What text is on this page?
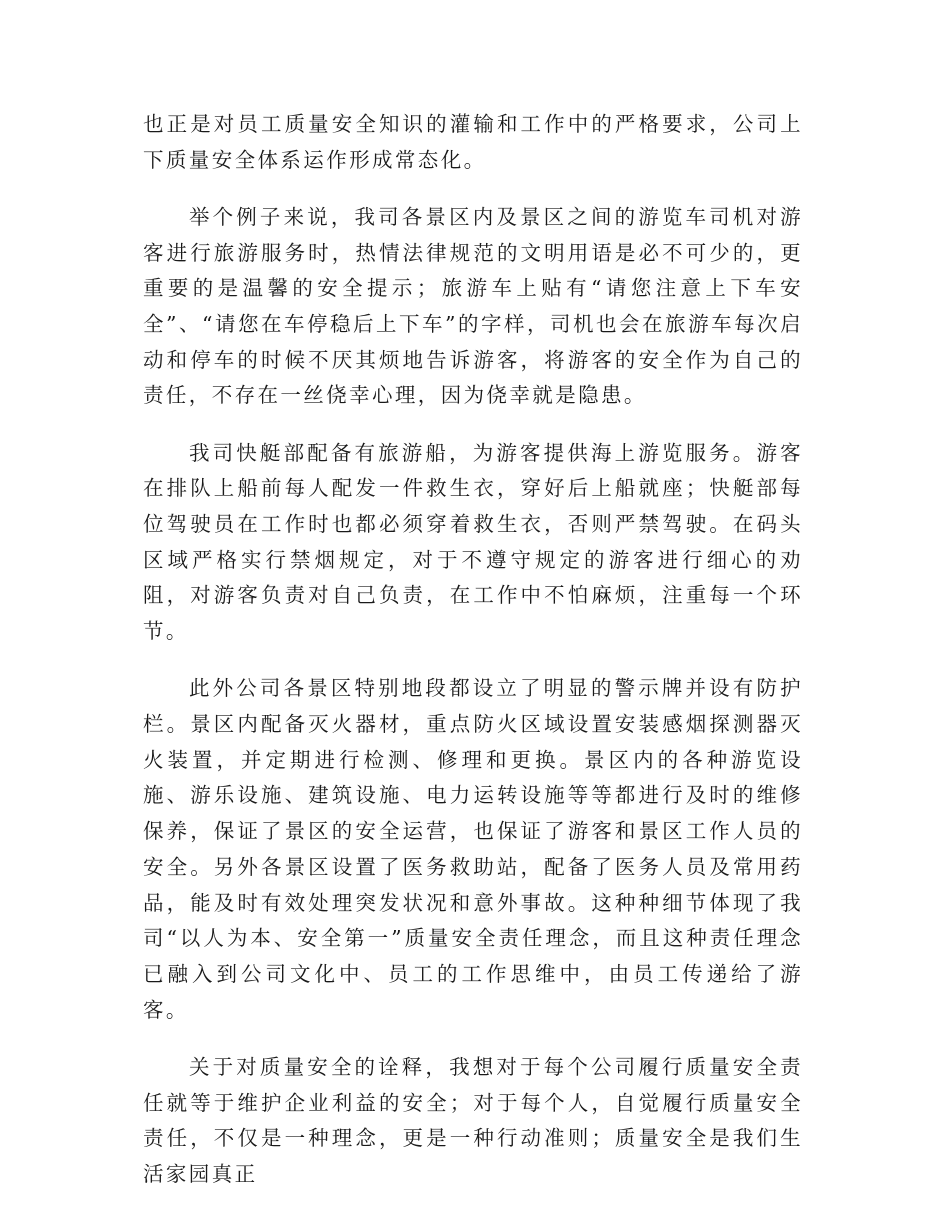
也正是对员工质量安全知识的灌输和工作中的严格要求，公司上下质量安全体系运作形成常态化。

举个例子来说，我司各景区内及景区之间的游览车司机对游客进行旅游服务时，热情法律规范的文明用语是必不可少的，更重要的是温馨的安全提示；旅游车上贴有“请您注意上下车安全”、“请您在车停稳后上下车”的字样，司机也会在旅游车每次启动和停车的时候不厌其烦地告诉游客，将游客的安全作为自己的责任，不存在一丝侥幸心理，因为侥幸就是隐患。

我司快艇部配备有旅游船，为游客提供海上游览服务。游客在排队上船前每人配发一件救生衣，穿好后上船就座；快艇部每位驾驶员在工作时也都必须穿着救生衣，否则严禁驾驶。在码头区域严格实行禁烟规定，对于不遵守规定的游客进行细心的劝阻，对游客负责对自己负责，在工作中不怕麻烦，注重每一个环节。

此外公司各景区特别地段都设立了明显的警示牌并设有防护栏。景区内配备灭火器材，重点防火区域设置安装感烟探测器灭火装置，并定期进行检测、修理和更换。景区内的各种游览设施、游乐设施、建筑设施、电力运转设施等等都进行及时的维修保养，保证了景区的安全运营，也保证了游客和景区工作人员的安全。另外各景区设置了医务救助站，配备了医务人员及常用药品，能及时有效处理突发状况和意外事故。这种种细节体现了我司“以人为本、安全第一”质量安全责任理念，而且这种责任理念已融入到公司文化中、员工的工作思维中，由员工传递给了游客。

关于对质量安全的诠释，我想对于每个公司履行质量安全责任就等于维护企业利益的安全；对于每个人，自觉履行质量安全责任，不仅是一种理念，更是一种行动准则；质量安全是我们生活家园真正
